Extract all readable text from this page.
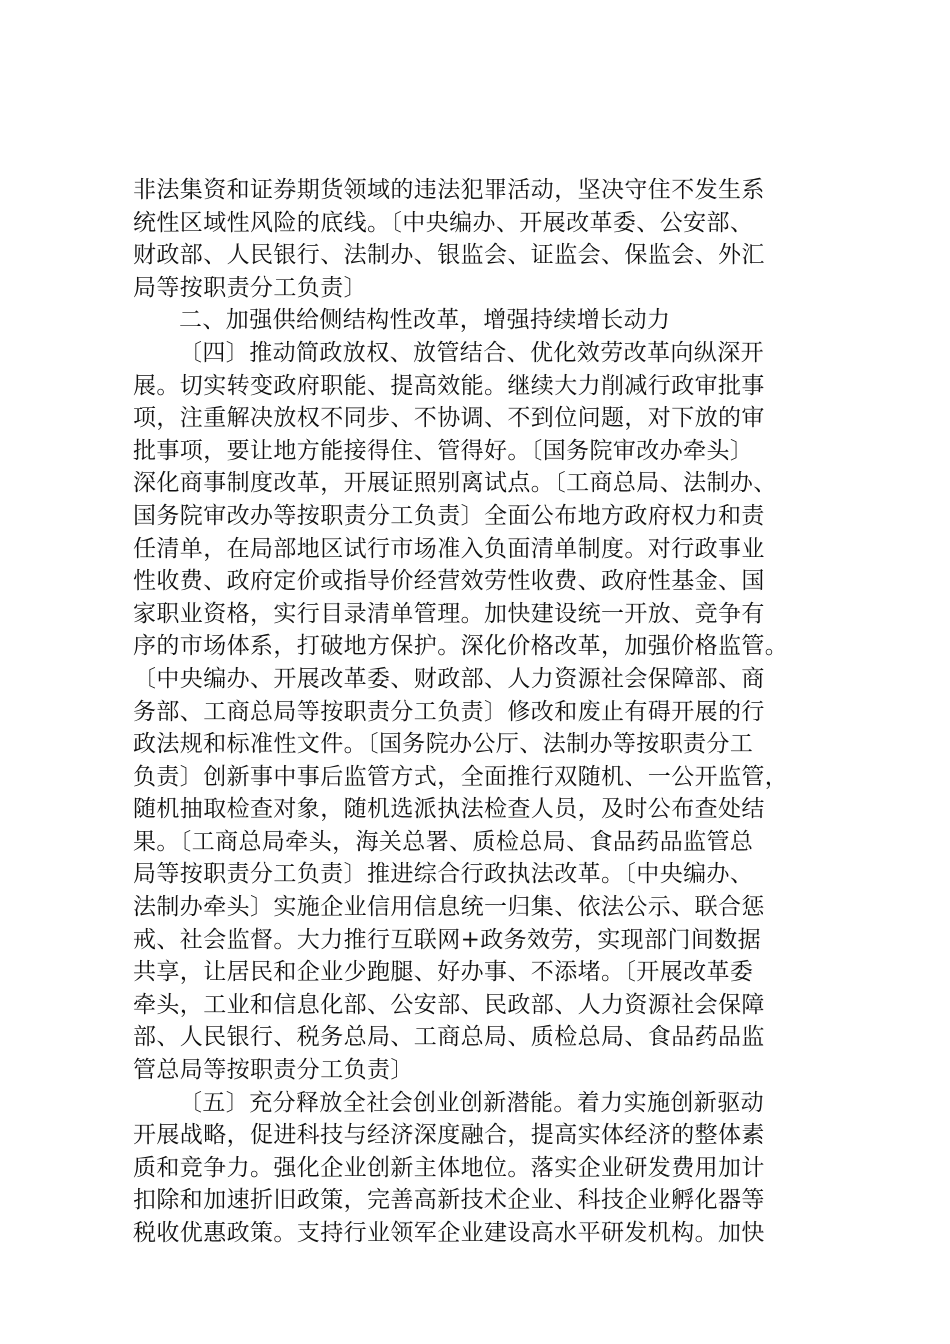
非法集资和证券期货领域的违法犯罪活动，坚决守住不发生系
统性区域性风险的底线。〔中央编办、开展改革委、公安部、
财政部、人民银行、法制办、银监会、证监会、保监会、外汇
局等按职责分工负责〕
二、加强供给侧结构性改革，增强持续增长动力
〔四〕推动简政放权、放管结合、优化效劳改革向纵深开
展。切实转变政府职能、提高效能。继续大力削减行政审批事
项，注重解决放权不同步、不协调、不到位问题，对下放的审
批事项，要让地方能接得住、管得好。〔国务院审改办牵头〕
深化商事制度改革，开展证照别离试点。〔工商总局、法制办、
国务院审改办等按职责分工负责〕全面公布地方政府权力和责
任清单，在局部地区试行市场准入负面清单制度。对行政事业
性收费、政府定价或指导价经营效劳性收费、政府性基金、国
家职业资格，实行目录清单管理。加快建设统一开放、竞争有
序的市场体系，打破地方保护。深化价格改革，加强价格监管。
〔中央编办、开展改革委、财政部、人力资源社会保障部、商
务部、工商总局等按职责分工负责〕修改和废止有碍开展的行
政法规和标准性文件。〔国务院办公厅、法制办等按职责分工
负责〕创新事中事后监管方式，全面推行双随机、一公开监管，
随机抽取检查对象，随机选派执法检查人员，及时公布查处结
果。〔工商总局牵头，海关总署、质检总局、食品药品监管总
局等按职责分工负责〕推进综合行政执法改革。〔中央编办、
法制办牵头〕实施企业信用信息统一归集、依法公示、联合惩
戒、社会监督。大力推行互联网+政务效劳，实现部门间数据
共享，让居民和企业少跑腿、好办事、不添堵。〔开展改革委
牵头，工业和信息化部、公安部、民政部、人力资源社会保障
部、人民银行、税务总局、工商总局、质检总局、食品药品监
管总局等按职责分工负责〕
〔五〕充分释放全社会创业创新潜能。着力实施创新驱动
开展战略，促进科技与经济深度融合，提高实体经济的整体素
质和竞争力。强化企业创新主体地位。落实企业研发费用加计
扣除和加速折旧政策，完善高新技术企业、科技企业孵化器等
税收优惠政策。支持行业领军企业建设高水平研发机构。加快
